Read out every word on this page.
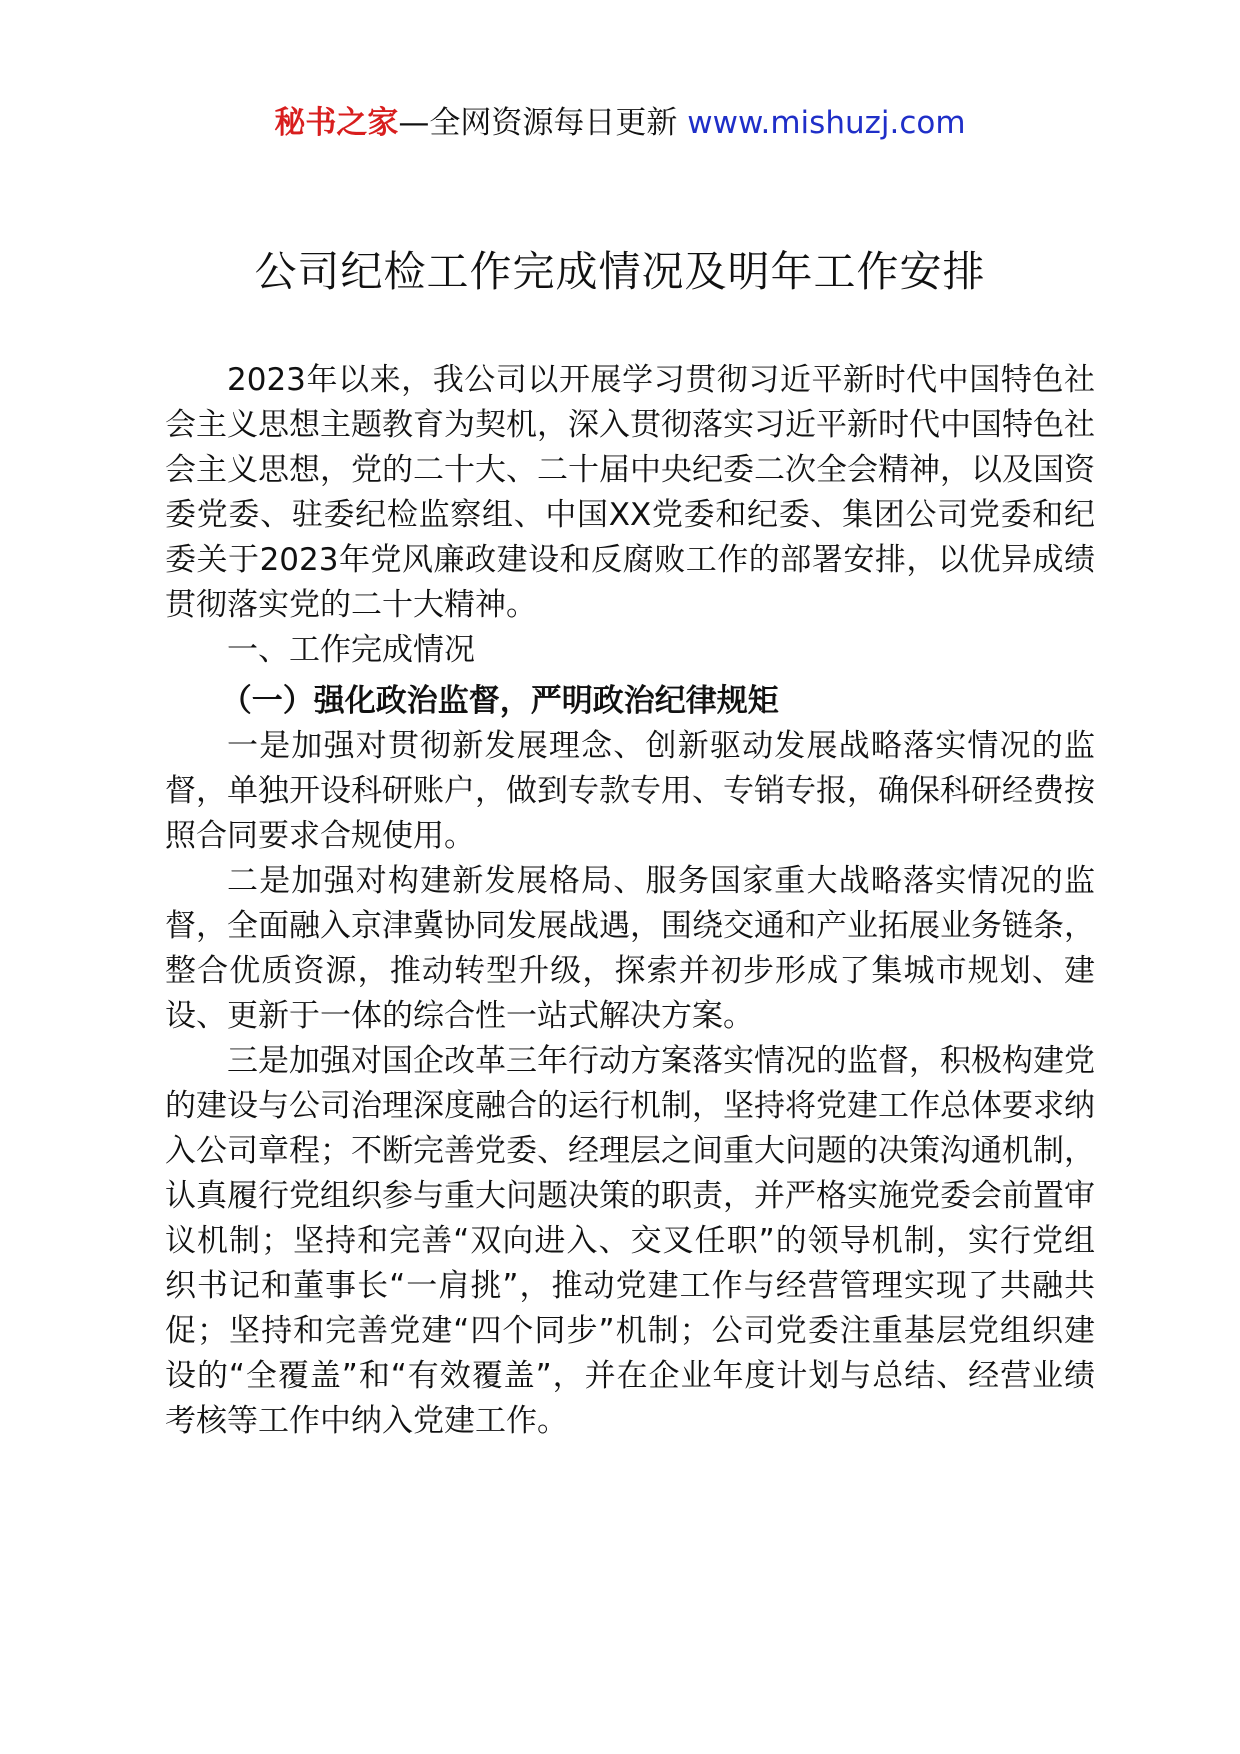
秘书之家—全网资源每日更新 www.mishuzj.com
公司纪检工作完成情况及明年工作安排

2023年以来，我公司以开展学习贯彻习近平新时代中国特色社会主义思想主题教育为契机，深入贯彻落实习近平新时代中国特色社会主义思想，党的二十大、二十届中央纪委二次全会精神，以及国资委党委、驻委纪检监察组、中国XX党委和纪委、集团公司党委和纪委关于2023年党风廉政建设和反腐败工作的部署安排，以优异成绩贯彻落实党的二十大精神。

一、工作完成情况

（一）强化政治监督，严明政治纪律规矩

一是加强对贯彻新发展理念、创新驱动发展战略落实情况的监督，单独开设科研账户，做到专款专用、专销专报，确保科研经费按照合同要求合规使用。

二是加强对构建新发展格局、服务国家重大战略落实情况的监督，全面融入京津冀协同发展战遇，围绕交通和产业拓展业务链条，整合优质资源，推动转型升级，探索并初步形成了集城市规划、建设、更新于一体的综合性一站式解决方案。

三是加强对国企改革三年行动方案落实情况的监督，积极构建党的建设与公司治理深度融合的运行机制，坚持将党建工作总体要求纳入公司章程；不断完善党委、经理层之间重大问题的决策沟通机制，认真履行党组织参与重大问题决策的职责，并严格实施党委会前置审议机制；坚持和完善“双向进入、交叉任职”的领导机制，实行党组织书记和董事长“一肩挑”，推动党建工作与经营管理实现了共融共促；坚持和完善党建“四个同步”机制；公司党委注重基层党组织建设的“全覆盖”和“有效覆盖”，并在企业年度计划与总结、经营业绩考核等工作中纳入党建工作。
